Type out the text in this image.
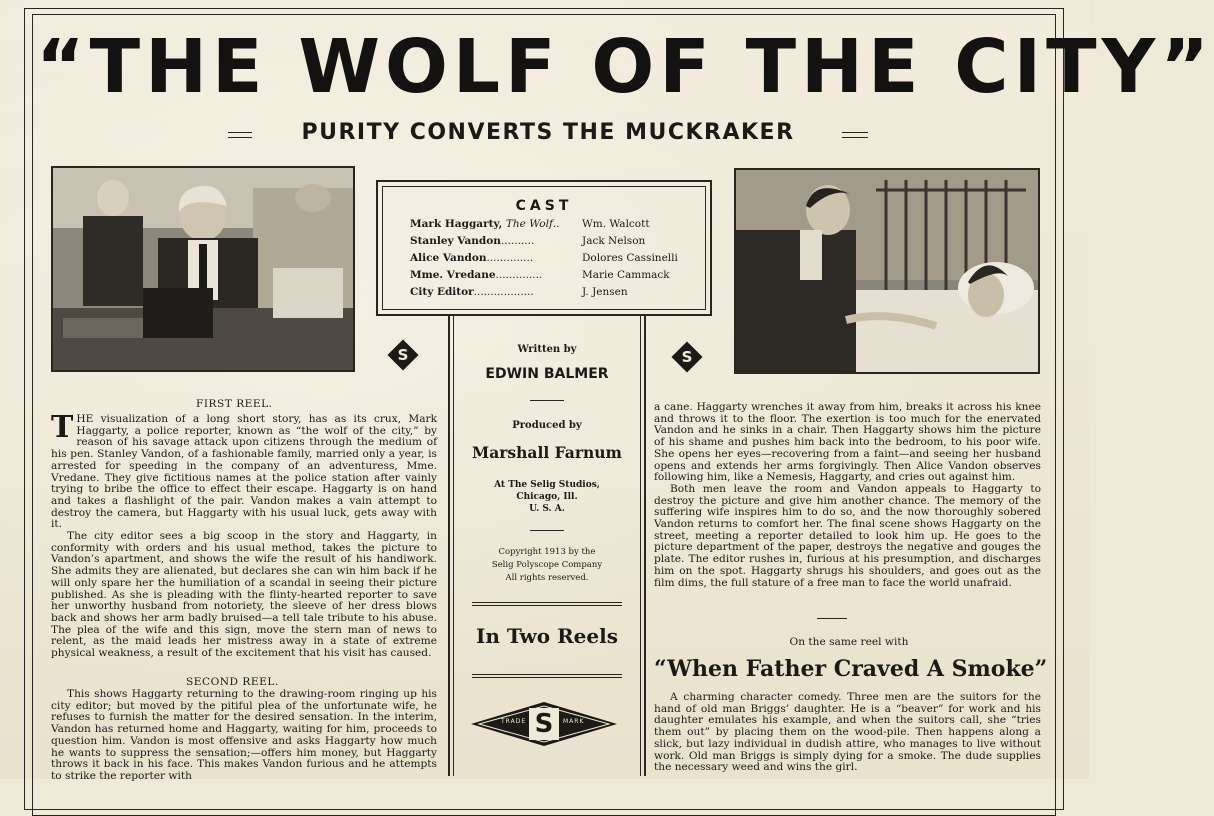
“THE WOLF OF THE CITY”
PURITY CONVERTS THE MUCKRAKER
S	S
CAST
Mark Haggarty, The Wolf.. Wm. Walcott
Stanley Vandon..........	Jack Nelson
Alice Vandon..............	Dolores Cassinelli
Mme. Vredane..............	Marie Cammack
City Editor..................	J. Jensen
Written by
EDWIN BALMER
Produced by
Marshall Farnum
At The Selig Studios,
Chicago, Ill.
U. S. A.
Copyright 1913 by the
Selig Polyscope Company
All rights reserved.
In Two Reels
S
TRADE	MARK
FIRST REEL.

THE visualization of a long short story, has as its crux, Mark Haggarty, a police reporter, known as “the wolf of the city,” by reason of his savage attack upon citizens through the medium of his pen. Stanley Vandon, of a fashionable family, married only a year, is arrested for speeding in the company of an adventuress, Mme. Vredane. They give fictitious names at the police station after vainly trying to bribe the office to effect their escape. Haggarty is on hand and takes a flashlight of the pair. Vandon makes a vain attempt to destroy the camera, but Haggarty with his usual luck, gets away with it.

The city editor sees a big scoop in the story and Haggarty, in conformity with orders and his usual method, takes the picture to Vandon’s apartment, and shows the wife the result of his handiwork. She admits they are alienated, but declares she can win him back if he will only spare her the humiliation of a scandal in seeing their picture published. As she is pleading with the flinty-hearted reporter to save her unworthy husband from notoriety, the sleeve of her dress blows back and shows her arm badly bruised—a tell tale tribute to his abuse. The plea of the wife and this sign, move the stern man of news to relent, as the maid leads her mistress away in a state of extreme physical weakness, a result of the excitement that his visit has caused.

SECOND REEL.

This shows Haggarty returning to the drawing-room ringing up his city editor; but moved by the pitiful plea of the unfortunate wife, he refuses to furnish the matter for the desired sensation. In the interim, Vandon has returned home and Haggarty, waiting for him, proceeds to question him. Vandon is most offensive and asks Haggarty how much he wants to suppress the sensation;—offers him money, but Haggarty throws it back in his face. This makes Vandon furious and he attempts to strike the reporter with

a cane. Haggarty wrenches it away from him, breaks it across his knee and throws it to the floor. The exertion is too much for the enervated Vandon and he sinks in a chair. Then Haggarty shows him the picture of his shame and pushes him back into the bedroom, to his poor wife. She opens her eyes—recovering from a faint—and seeing her husband opens and extends her arms forgivingly. Then Alice Vandon observes following him, like a Nemesis, Haggarty, and cries out against him.

Both men leave the room and Vandon appeals to Haggarty to destroy the picture and give him another chance. The memory of the suffering wife inspires him to do so, and the now thoroughly sobered Vandon returns to comfort her. The final scene shows Haggarty on the street, meeting a reporter detailed to look him up. He goes to the picture department of the paper, destroys the negative and gouges the plate. The editor rushes in, furious at his presumption, and discharges him on the spot. Haggarty shrugs his shoulders, and goes out as the film dims, the full stature of a free man to face the world unafraid.

On the same reel with
“When Father Craved A Smoke”

A charming character comedy. Three men are the suitors for the hand of old man Briggs’ daughter. He is a “beaver” for work and his daughter emulates his example, and when the suitors call, she “tries them out” by placing them on the wood-pile. Then happens along a slick, but lazy individual in dudish attire, who manages to live without work. Old man Briggs is simply dying for a smoke. The dude supplies the necessary weed and wins the girl.
